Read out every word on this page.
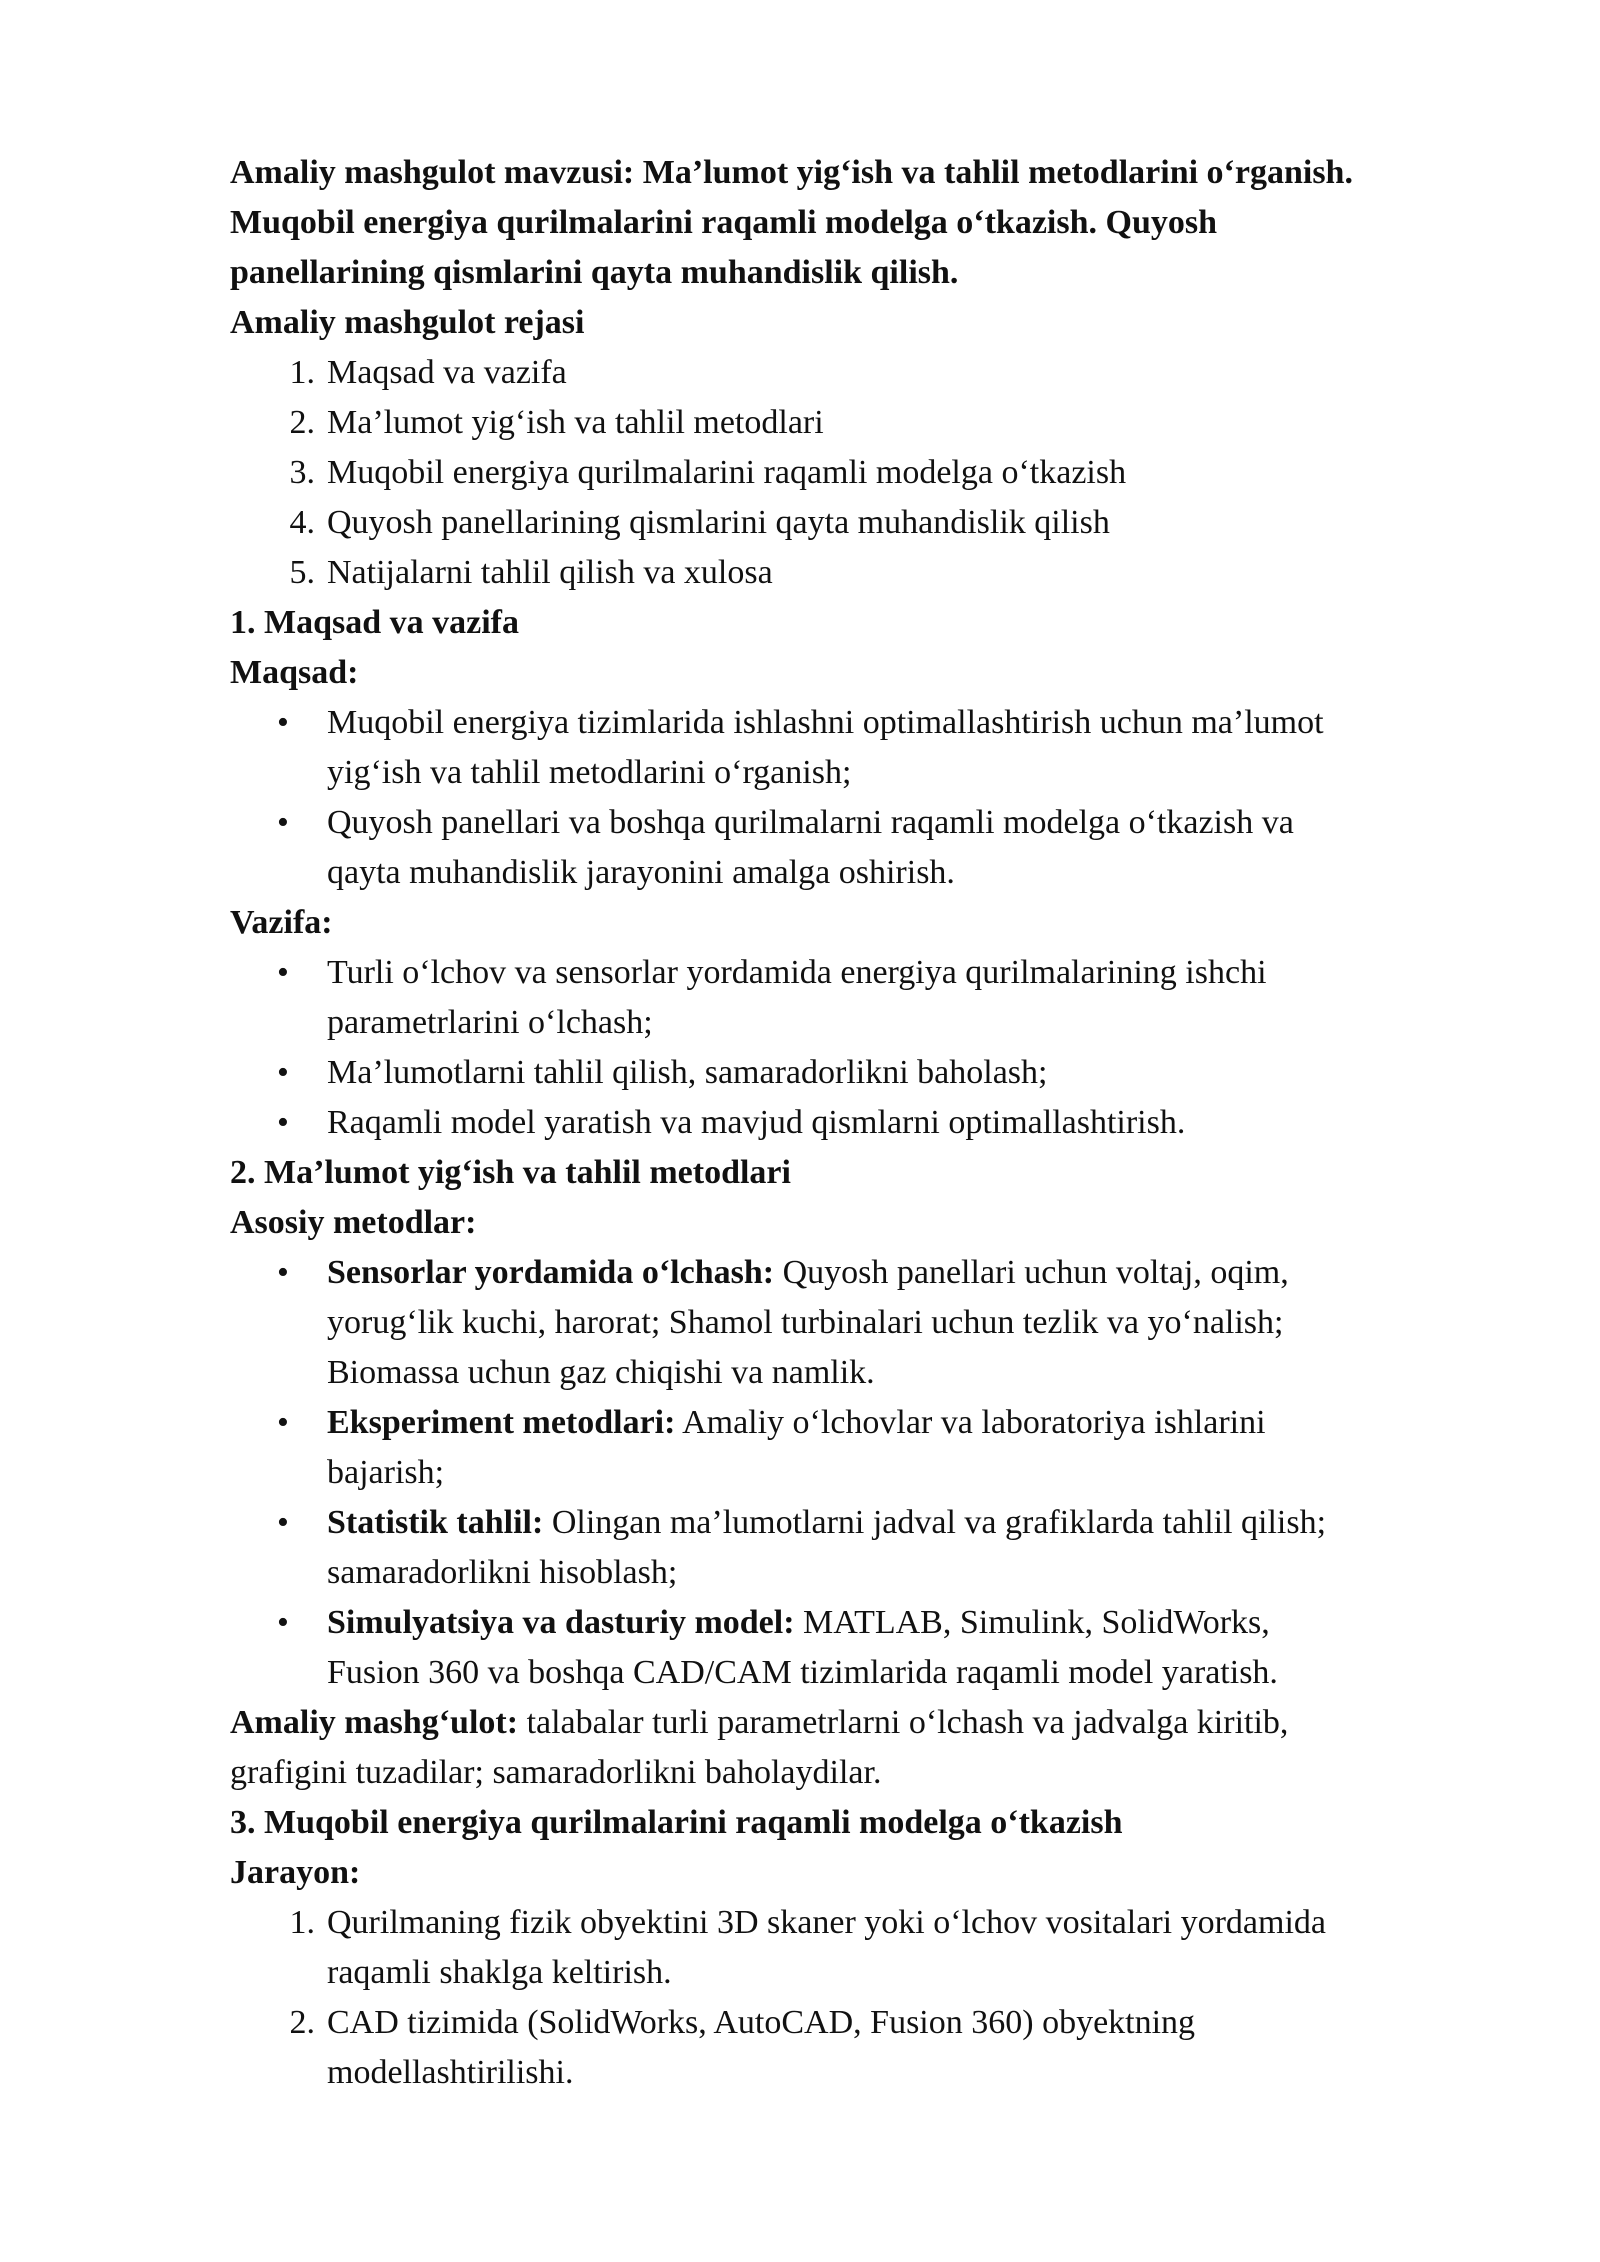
Amaliy mashgulot mavzusi: Ma’lumot yig‘ish va tahlil metodlarini o‘rganish.

Muqobil energiya qurilmalarini raqamli modelga o‘tkazish. Quyosh

panellarining qismlarini qayta muhandislik qilish.

Amaliy mashgulot rejasi

1. Maqsad va vazifa
2. Ma’lumot yig‘ish va tahlil metodlari
3. Muqobil energiya qurilmalarini raqamli modelga o‘tkazish
4. Quyosh panellarining qismlarini qayta muhandislik qilish
5. Natijalarni tahlil qilish va xulosa

1. Maqsad va vazifa

Maqsad:

• Muqobil energiya tizimlarida ishlashni optimallashtirish uchun ma’lumot
yig‘ish va tahlil metodlarini o‘rganish;
• Quyosh panellari va boshqa qurilmalarni raqamli modelga o‘tkazish va
qayta muhandislik jarayonini amalga oshirish.

Vazifa:

• Turli o‘lchov va sensorlar yordamida energiya qurilmalarining ishchi
parametrlarini o‘lchash;
• Ma’lumotlarni tahlil qilish, samaradorlikni baholash;
• Raqamli model yaratish va mavjud qismlarni optimallashtirish.

2. Ma’lumot yig‘ish va tahlil metodlari

Asosiy metodlar:

• Sensorlar yordamida o‘lchash: Quyosh panellari uchun voltaj, oqim,
yorug‘lik kuchi, harorat; Shamol turbinalari uchun tezlik va yo‘nalish;
Biomassa uchun gaz chiqishi va namlik.
• Eksperiment metodlari: Amaliy o‘lchovlar va laboratoriya ishlarini
bajarish;
• Statistik tahlil: Olingan ma’lumotlarni jadval va grafiklarda tahlil qilish;
samaradorlikni hisoblash;
• Simulyatsiya va dasturiy model: MATLAB, Simulink, SolidWorks,
Fusion 360 va boshqa CAD/CAM tizimlarida raqamli model yaratish.

Amaliy mashg‘ulot: talabalar turli parametrlarni o‘lchash va jadvalga kiritib,
grafigini tuzadilar; samaradorlikni baholaydilar.

3. Muqobil energiya qurilmalarini raqamli modelga o‘tkazish

Jarayon:

1. Qurilmaning fizik obyektini 3D skaner yoki o‘lchov vositalari yordamida
raqamli shaklga keltirish.
2. CAD tizimida (SolidWorks, AutoCAD, Fusion 360) obyektning
modellashtirilishi.
